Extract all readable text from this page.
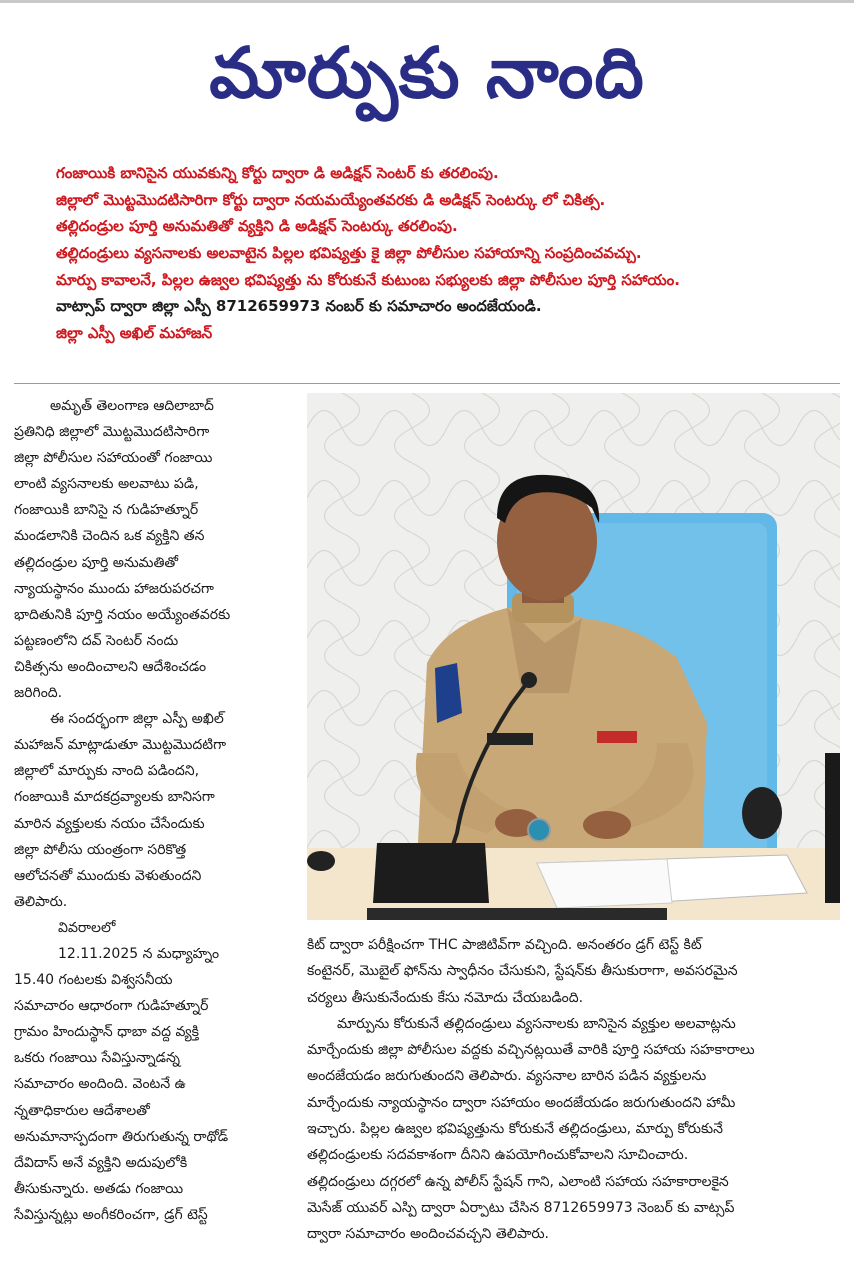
మార్పుకు నాంది
గంజాయికి బానిసైన యువకున్ని కోర్టు ద్వారా డి అడిక్షన్ సెంటర్ కు తరలింపు.
జిల్లాలో మొట్టమొదటిసారిగా కోర్టు ద్వారా నయమయ్యేంతవరకు డి అడిక్షన్ సెంటర్కు లో చికిత్స.
తల్లిదండ్రుల పూర్తి అనుమతితో వ్యక్తిని డి అడిక్షన్ సెంటర్కు తరలింపు.
తల్లిదండ్రులు వ్యసనాలకు అలవాటైన పిల్లల భవిష్యత్తు కై జిల్లా పోలీసుల సహాయాన్ని సంప్రదించవచ్చు.
మార్పు కావాలనే, పిల్లల ఉజ్వల భవిష్యత్తు ను కోరుకునే కుటుంబ సభ్యులకు జిల్లా పోలీసుల పూర్తి సహాయం.
వాట్సాప్ ద్వారా జిల్లా ఎస్పీ 8712659973 నంబర్ కు సమాచారం అందజేయండి.
జిల్లా ఎస్పీ అఖిల్ మహాజన్
అమృత్ తెలంగాణ ఆదిలాబాద్
ప్రతినిధి జిల్లాలో మొట్టమొదటిసారిగా
జిల్లా పోలీసుల సహాయంతో గంజాయి
లాంటి వ్యసనాలకు అలవాటు పడి,
గంజాయికి బానిసై న గుడిహత్నూర్
మండలానికి చెందిన ఒక వ్యక్తిని తన
తల్లిదండ్రుల పూర్తి అనుమతితో
న్యాయస్థానం ముందు హాజరుపరచగా
భాదితునికి పూర్తి నయం అయ్యేంతవరకు
పట్టణంలోని దవ్ సెంటర్ నందు
చికిత్సను అందించాలని ఆదేశించడం
జరిగింది.
ఈ సందర్భంగా జిల్లా ఎస్పీ అఖిల్
మహాజన్ మాట్లాడుతూ మొట్టమొదటిగా
జిల్లాలో మార్పుకు నాంది పడిందని,
గంజాయికి మాదకద్రవ్యాలకు బానిసగా
మారిన వ్యక్తులకు నయం చేసేందుకు
జిల్లా పోలీసు యంత్రంగా సరికొత్త
ఆలోచనతో ముందుకు వెళుతుందని
తెలిపారు.
వివరాలలో
12.11.2025 న మధ్యాహ్నం
15.40 గంటలకు విశ్వసనీయ
సమాచారం ఆధారంగా గుడిహత్నూర్
గ్రామం హిందుస్థాన్ ధాబా వద్ద వ్యక్తి
ఒకరు గంజాయి సేవిస్తున్నాడన్న
సమాచారం అందింది. వెంటనే ఉ
న్నతాధికారుల ఆదేశాలతో
అనుమానాస్పదంగా తిరుగుతున్న రాథోడ్
దేవిదాస్ అనే వ్యక్తిని అదుపులోకి
తీసుకున్నారు. అతడు గంజాయి
సేవిస్తున్నట్లు అంగీకరించగా, డ్రగ్ టెస్ట్
కిట్ ద్వారా పరీక్షించగా THC పాజిటివ్‌గా వచ్చింది. అనంతరం డ్రగ్ టెస్ట్ కిట్
కంటైనర్, మొబైల్ ఫోన్‌ను స్వాధీనం చేసుకుని, స్టేషన్‌కు తీసుకురాగా, అవసరమైన
చర్యలు తీసుకునేందుకు కేసు నమోదు చేయబడింది.
మార్పును కోరుకునే తల్లిదండ్రులు వ్యసనాలకు బానిసైన వ్యక్తుల అలవాట్లను
మార్చేందుకు జిల్లా పోలీసుల వద్దకు వచ్చినట్లయితే వారికి పూర్తి సహాయ సహకారాలు
అందజేయడం జరుగుతుందని తెలిపారు. వ్యసనాల బారిన పడిన వ్యక్తులను
మార్చేందుకు న్యాయస్థానం ద్వారా సహాయం అందజేయడం జరుగుతుందని హామీ
ఇచ్చారు. పిల్లల ఉజ్వల భవిష్యత్తును కోరుకునే తల్లిదండ్రులు, మార్పు కోరుకునే
తల్లిదండ్రులకు సదవకాశంగా దీనిని ఉపయోగించుకోవాలని సూచించారు.
తల్లిదండ్రులు దగ్గరలో ఉన్న పోలీస్ స్టేషన్ గాని, ఎలాంటి సహాయ సహకారాలకైన
మెసేజ్ యువర్ ఎస్పి ద్వారా ఏర్పాటు చేసిన 8712659973 నెంబర్ కు వాట్సప్
ద్వారా సమాచారం అందించవచ్చని తెలిపారు.
